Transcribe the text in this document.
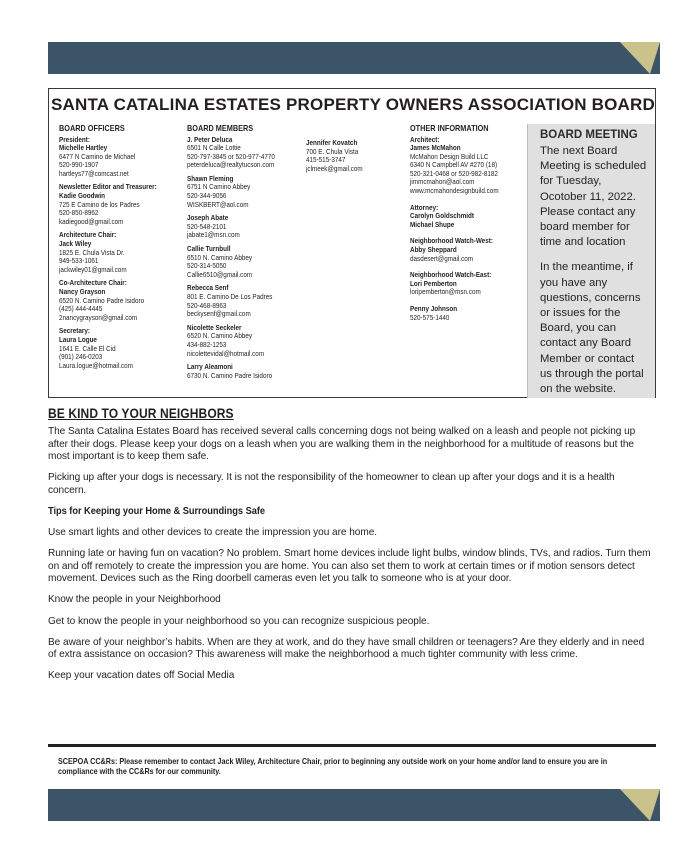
SANTA CATALINA ESTATES PROPERTY OWNERS ASSOCIATION BOARD
BOARD OFFICERS
President:
Michelle Hartley
6477 N Camino de Michael
520-990-1907
hartleys77@comcast.net
Newsletter Editor and Treasurer:
Kadie Goodwin
725 E Camino de los Padres
520-850-8962
kadiegood@gmail.com
Architecture Chair:
Jack Wiley
1825 E. Chula Vista Dr.
949-533-1061
jackwiley01@gmail.com
Co-Architecture Chair:
Nancy Grayson
6520 N. Camino Padre Isidoro
(425) 444-4445
2nancygrayson@gmail.com
Secretary:
Laura Logue
1641 E. Calle El Cid
(901) 246-0203
Laura.logue@hotmail.com
BOARD MEMBERS
J. Peter Deluca
6501 N Calle Lottie
520-797-3845 or 520-977-4770
peterdeluca@realtytucson.com
Shawn Fleming
6751 N Camino Abbey
520-344-9056
WISKBERT@aol.com
Joseph Abate
520-548-2101
jabate1@msn.com
Callie Turnbull
6510 N. Camino Abbey
520-314-5050
Callie6510@gmail.com
Rebecca Senf
801 E. Camino De Los Padres
520-468-8963
beckysenf@gmail.com
Nicolette Seckeler
6520 N. Camino Abbey
434-882-1253
nicolettevidal@hotmail.com
Larry Aleamoni
6730 N. Camino Padre Isidoro
Jennifer Kovatch
700 E. Chula Vista
415-515-3747
jclmeek@gmail.com
OTHER INFORMATION
Architect:
James McMahon
McMahon Design Build LLC
6340 N Campbell AV #270 (18)
520-321-0468 or 520-982-8182
jimmcmahon@aol.com
www.mcmahondesignbuild.com
Attorney:
Carolyn Goldschmidt
Michael Shupe
Neighborhood Watch-West:
Abby Sheppard
dasdesert@gmail.com
Neighborhood Watch-East:
Lori Pemberton
loripemberton@msn.com
Penny Johnson
520-575-1440
BOARD MEETING

The next Board Meeting is scheduled for Tuesday, Ocotober 11, 2022. Please contact any board member for time and location

In the meantime, if you have any questions, concerns or issues for the Board, you can contact any Board Member or contact us through the portal on the website.

BE KIND TO YOUR NEIGHBORS

The Santa Catalina Estates Board has received several calls concerning dogs not being walked on a leash and people not picking up after their dogs. Please keep your dogs on a leash when you are walking them in the neighborhood for a multitude of reasons but the most important is to keep them safe.

Picking up after your dogs is necessary. It is not the responsibility of the homeowner to clean up after your dogs and it is a health concern.

Tips for Keeping your Home & Surroundings Safe

Use smart lights and other devices to create the impression you are home.

Running late or having fun on vacation? No problem. Smart home devices include light bulbs, window blinds, TVs, and radios. Turn them on and off remotely to create the impression you are home. You can also set them to work at certain times or if motion sensors detect movement. Devices such as the Ring doorbell cameras even let you talk to someone who is at your door.

Know the people in your Neighborhood

Get to know the people in your neighborhood so you can recognize suspicious people.

Be aware of your neighbor’s habits. When are they at work, and do they have small children or teenagers? Are they elderly and in need of extra assistance on occasion? This awareness will make the neighborhood a much tighter community with less crime.

Keep your vacation dates off Social Media

SCEPOA CC&Rs: Please remember to contact Jack Wiley, Architecture Chair, prior to beginning any outside work on your home and/or land to ensure you are in compliance with the CC&Rs for our community.
